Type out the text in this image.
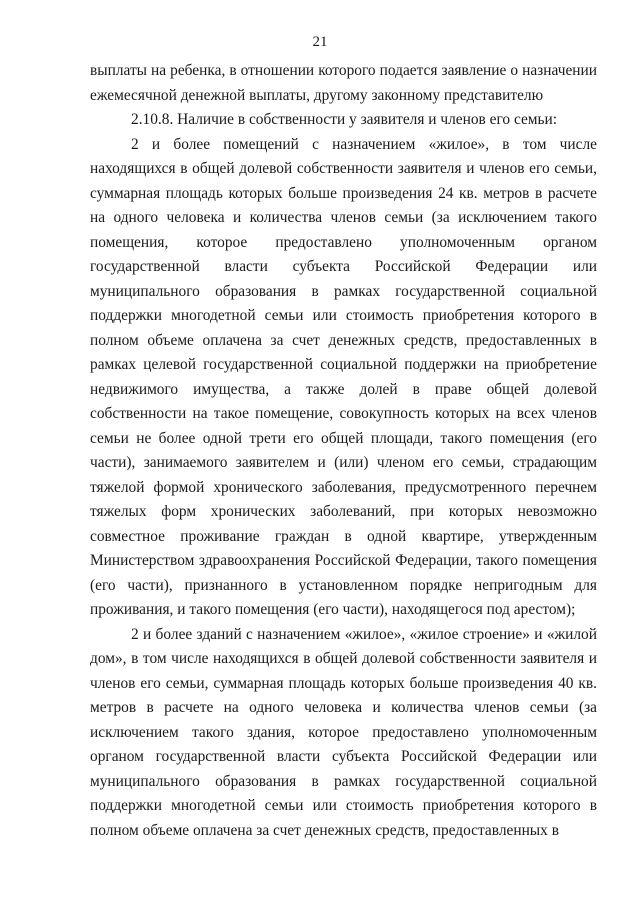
21

выплаты на ребенка, в отношении которого подается заявление о назначении ежемесячной денежной выплаты, другому законному представителю

2.10.8. Наличие в собственности у заявителя и членов его семьи:

2 и более помещений с назначением «жилое», в том числе находящихся в общей долевой собственности заявителя и членов его семьи, суммарная площадь которых больше произведения 24 кв. метров в расчете на одного человека и количества членов семьи (за исключением такого помещения, которое предоставлено уполномоченным органом государственной власти субъекта Российской Федерации или муниципального образования в рамках государственной социальной поддержки многодетной семьи или стоимость приобретения которого в полном объеме оплачена за счет денежных средств, предоставленных в рамках целевой государственной социальной поддержки на приобретение недвижимого имущества, а также долей в праве общей долевой собственности на такое помещение, совокупность которых на всех членов семьи не более одной трети его общей площади, такого помещения (его части), занимаемого заявителем и (или) членом его семьи, страдающим тяжелой формой хронического заболевания, предусмотренного перечнем тяжелых форм хронических заболеваний, при которых невозможно совместное проживание граждан в одной квартире, утвержденным Министерством здравоохранения Российской Федерации, такого помещения (его части), признанного в установленном порядке непригодным для проживания, и такого помещения (его части), находящегося под арестом);

2 и более зданий с назначением «жилое», «жилое строение» и «жилой дом», в том числе находящихся в общей долевой собственности заявителя и членов его семьи, суммарная площадь которых больше произведения 40 кв. метров в расчете на одного человека и количества членов семьи (за исключением такого здания, которое предоставлено уполномоченным органом государственной власти субъекта Российской Федерации или муниципального образования в рамках государственной социальной поддержки многодетной семьи или стоимость приобретения которого в полном объеме оплачена за счет денежных средств, предоставленных в
